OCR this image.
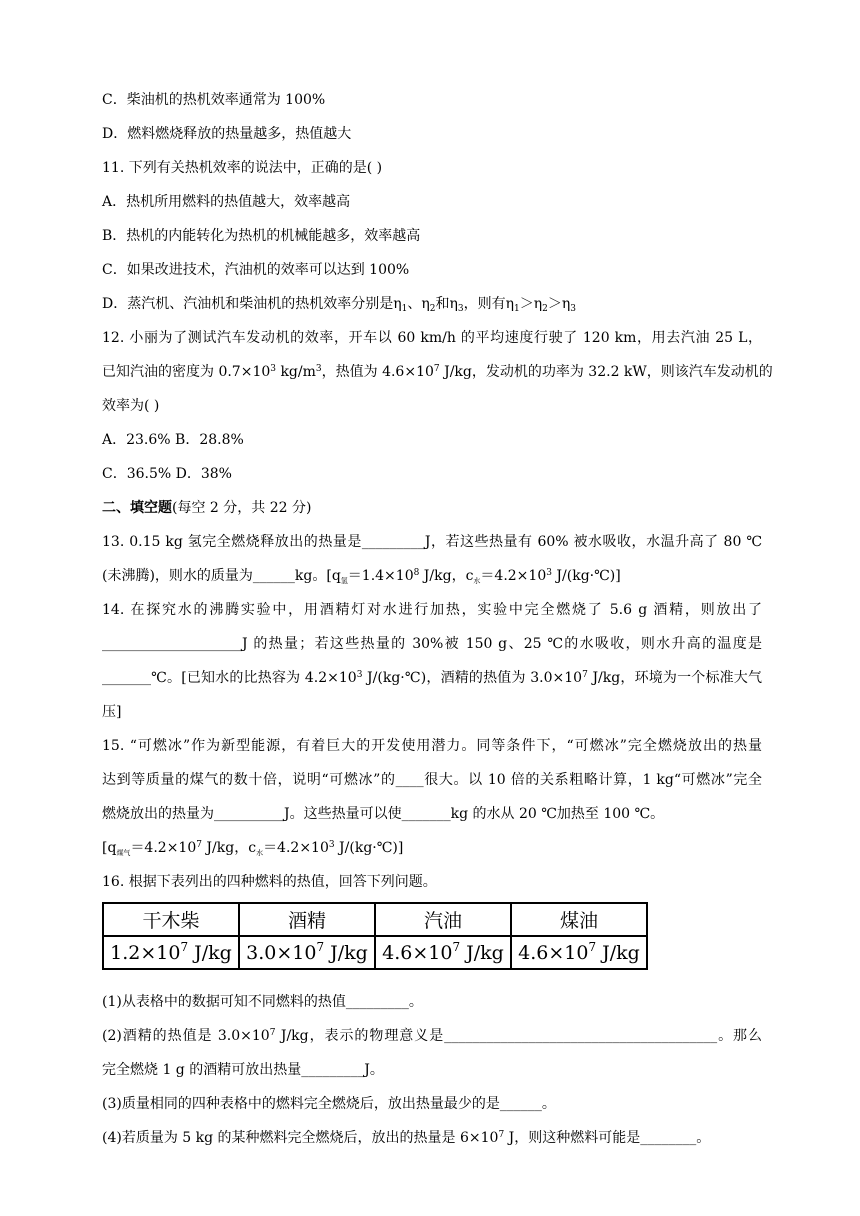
C．柴油机的热机效率通常为 100%
D．燃料燃烧释放的热量越多，热值越大
11. 下列有关热机效率的说法中，正确的是( )
A．热机所用燃料的热值越大，效率越高
B．热机的内能转化为热机的机械能越多，效率越高
C．如果改进技术，汽油机的效率可以达到 100%
D．蒸汽机、汽油机和柴油机的热机效率分别是$\eta_1$、$\eta_2$和$\eta_3$，则有$\eta_1>\eta_2>\eta_3$
12. 小丽为了测试汽车发动机的效率，开车以 60 km/h 的平均速度行驶了 120 km，用去汽油 25 L，
已知汽油的密度为 $0.7\times 10^3$ $kg/m^3$，热值为 $4.6\times 10^7$ J/kg，发动机的功率为 32.2 kW，则该汽车发动机的
效率为( )
A．23.6% B．28.8%
C．36.5% D．38%
二、填空题(每空 2 分，共 22 分)
13. 0.15 kg 氢完全燃烧释放出的热量是_________J，若这些热量有 60% 被水吸收，水温升高了 80 ℃
(未沸腾)，则水的质量为______kg。[$q_氢=1.4\times 10^8$ J/kg，$c_水=4.2\times 10^3$ J/(kg·℃)]
14. 在探究水的沸腾实验中，用酒精灯对水进行加热，实验中完全燃烧了 5.6 g 酒精，则放出了
____________________J 的热量；若这些热量的 30%被 150 g、25 ℃的水吸收，则水升高的温度是
_______℃。[已知水的比热容为 $4.2\times 10^3$ J/(kg·℃)，酒精的热值为 $3.0\times 10^7$ J/kg，环境为一个标准大气
压]
15. “可燃冰”作为新型能源，有着巨大的开发使用潜力。同等条件下，“可燃冰”完全燃烧放出的热量
达到等质量的煤气的数十倍，说明“可燃冰”的____很大。以 10 倍的关系粗略计算，1 kg“可燃冰”完全
燃烧放出的热量为__________J。这些热量可以使_______kg 的水从 20 ℃加热至 100 ℃。
[$q_{煤气}=4.2\times 10^7$ J/kg，$c_水=4.2\times 10^3$ J/(kg·℃)]
16. 根据下表列出的四种燃料的热值，回答下列问题。
干木柴	酒精	汽油	煤油
$1.2\times 10^7$ J/kg	$3.0\times 10^7$ J/kg	$4.6\times 10^7$ J/kg	$4.6\times 10^7$ J/kg
(1)从表格中的数据可知不同燃料的热值_________。
(2)酒精的热值是 $3.0\times 10^7$ J/kg，表示的物理意义是_______________________________________。那么
完全燃烧 1 g 的酒精可放出热量_________J。
(3)质量相同的四种表格中的燃料完全燃烧后，放出热量最少的是______。
(4)若质量为 5 kg 的某种燃料完全燃烧后，放出的热量是 $6\times 10^7$ J，则这种燃料可能是________。
